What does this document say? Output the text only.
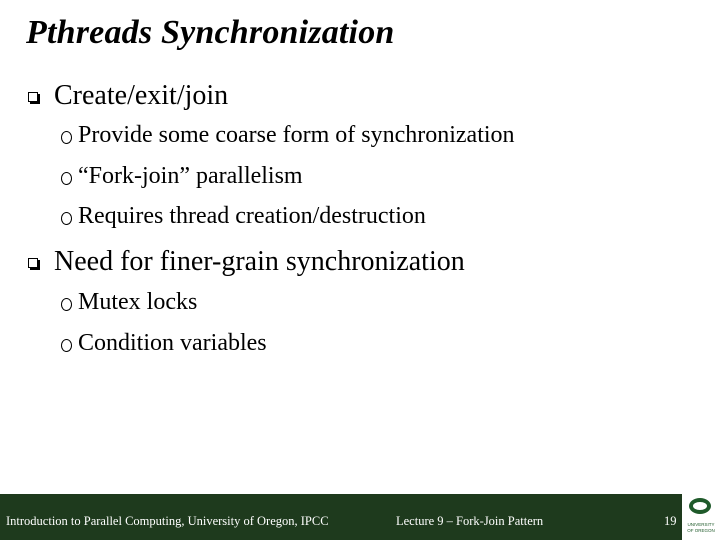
Pthreads Synchronization
Create/exit/join
Provide some coarse form of synchronization
“Fork-join” parallelism
Requires thread creation/destruction
Need for finer-grain synchronization
Mutex locks
Condition variables
Introduction to Parallel Computing, University of Oregon, IPCC	Lecture 9 – Fork-Join Pattern	19	UNIVERSITY
OF OREGON
